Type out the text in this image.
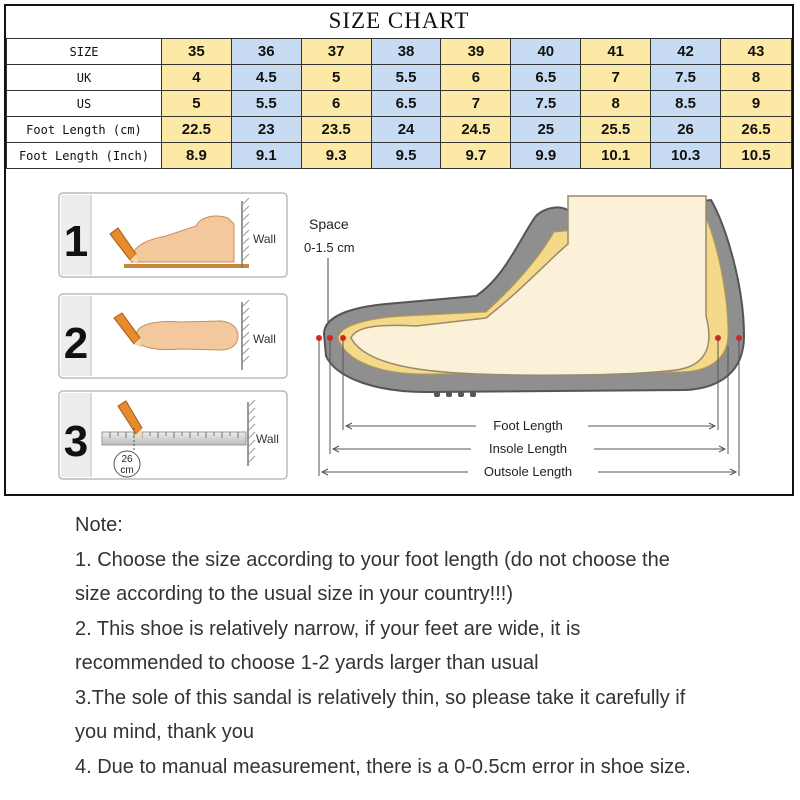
SIZE CHART
SIZE	35	36	37	38	39	40	41	42	43
UK	4	4.5	5	5.5	6	6.5	7	7.5	8
US	5	5.5	6	6.5	7	7.5	8	8.5	9
Foot Length (cm)	22.5	23	23.5	24	24.5	25	25.5	26	26.5
Foot Length (Inch)	8.9	9.1	9.3	9.5	9.7	9.9	10.1	10.3	10.5
1	Wall
2	Wall
3	26
cm
Wall
Space
0-1.5 cm
Foot Length
Insole Length
Outsole Length
Note:
1. Choose the size according to your foot length (do not choose the
size according to the usual size in your country!!!)
2. This shoe is relatively narrow, if your feet are wide, it is
recommended to choose 1-2 yards larger than usual
3.The sole of this sandal is relatively thin, so please take it carefully if
you mind, thank you
4. Due to manual measurement, there is a 0-0.5cm error in shoe size.
